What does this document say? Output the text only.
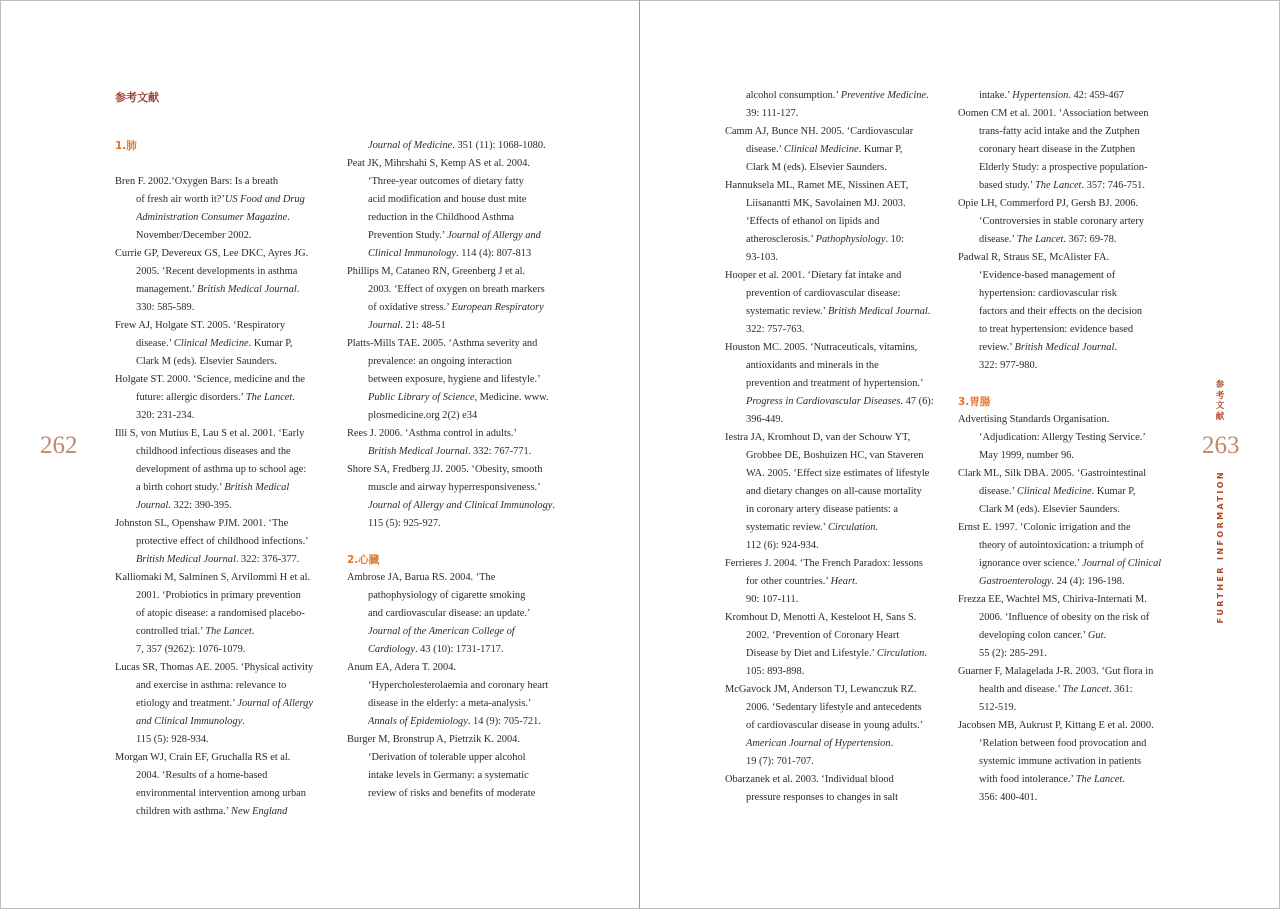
262	263
参
考
文
献
FURTHER INFORMATION
参考文献
1.肺
Bren F. 2002.‘Oxygen Bars: Is a breath
of fresh air worth it?’US Food and Drug
Administration Consumer Magazine.
November/December 2002.
Currie GP, Devereux GS, Lee DKC, Ayres JG.
2005. ‘Recent developments in asthma
management.’ British Medical Journal.
330: 585-589.
Frew AJ, Holgate ST. 2005. ‘Respiratory
disease.’ Clinical Medicine. Kumar P,
Clark M (eds). Elsevier Saunders.
Holgate ST. 2000. ‘Science, medicine and the
future: allergic disorders.’ The Lancet.
320: 231-234.
Illi S, von Mutius E, Lau S et al. 2001. ‘Early
childhood infectious diseases and the
development of asthma up to school age:
a birth cohort study.’ British Medical
Journal. 322: 390-395.
Johnston SL, Openshaw PJM. 2001. ‘The
protective effect of childhood infections.’
British Medical Journal. 322: 376-377.
Kalliomaki M, Salminen S, Arvilommi H et al.
2001. ‘Probiotics in primary prevention
of atopic disease: a randomised placebo-
controlled trial.’ The Lancet.
7, 357 (9262): 1076-1079.
Lucas SR, Thomas AE. 2005. ‘Physical activity
and exercise in asthma: relevance to
etiology and treatment.’ Journal of Allergy
and Clinical Immunology.
115 (5): 928-934.
Morgan WJ, Crain EF, Gruchalla RS et al.
2004. ‘Results of a home-based
environmental intervention among urban
children with asthma.’ New England
Journal of Medicine. 351 (11): 1068-1080.
Peat JK, Mihrshahi S, Kemp AS et al. 2004.
‘Three-year outcomes of dietary fatty
acid modification and house dust mite
reduction in the Childhood Asthma
Prevention Study.’ Journal of Allergy and
Clinical Immunology. 114 (4): 807-813
Phillips M, Cataneo RN, Greenberg J et al.
2003. ‘Effect of oxygen on breath markers
of oxidative stress.’ European Respiratory
Journal. 21: 48-51
Platts-Mills TAE. 2005. ‘Asthma severity and
prevalence: an ongoing interaction
between exposure, hygiene and lifestyle.’
Public Library of Science, Medicine. www.
plosmedicine.org 2(2) e34
Rees J. 2006. ‘Asthma control in adults.’
British Medical Journal. 332: 767-771.
Shore SA, Fredberg JJ. 2005. ‘Obesity, smooth
muscle and airway hyperresponsiveness.’
Journal of Allergy and Clinical Immunology.
115 (5): 925-927.
2.心臓
Ambrose JA, Barua RS. 2004. ‘The
pathophysiology of cigarette smoking
and cardiovascular disease: an update.’
Journal of the American College of
Cardiology. 43 (10): 1731-1717.
Anum EA, Adera T. 2004.
‘Hypercholesterolaemia and coronary heart
disease in the elderly: a meta-analysis.’
Annals of Epidemiology. 14 (9): 705-721.
Burger M, Bronstrup A, Pietrzik K. 2004.
‘Derivation of tolerable upper alcohol
intake levels in Germany: a systematic
review of risks and benefits of moderate
alcohol consumption.’ Preventive Medicine.
39: 111-127.
Camm AJ, Bunce NH. 2005. ‘Cardiovascular
disease.’ Clinical Medicine. Kumar P,
Clark M (eds). Elsevier Saunders.
Hannuksela ML, Ramet ME, Nissinen AET,
Liisanantti MK, Savolainen MJ. 2003.
‘Effects of ethanol on lipids and
atherosclerosis.’ Pathophysiology. 10:
93-103.
Hooper et al. 2001. ‘Dietary fat intake and
prevention of cardiovascular disease:
systematic review.’ British Medical Journal.
322: 757-763.
Houston MC. 2005. ‘Nutraceuticals, vitamins,
antioxidants and minerals in the
prevention and treatment of hypertension.’
Progress in Cardiovascular Diseases. 47 (6):
396-449.
Iestra JA, Kromhout D, van der Schouw YT,
Grobbee DE, Boshuizen HC, van Staveren
WA. 2005. ‘Effect size estimates of lifestyle
and dietary changes on all-cause mortality
in coronary artery disease patients: a
systematic review.’ Circulation.
112 (6): 924-934.
Ferrieres J. 2004. ‘The French Paradox: lessons
for other countries.’ Heart.
90: 107-111.
Kromhout D, Menotti A, Kesteloot H, Sans S.
2002. ‘Prevention of Coronary Heart
Disease by Diet and Lifestyle.’ Circulation.
105: 893-898.
McGavock JM, Anderson TJ, Lewanczuk RZ.
2006. ‘Sedentary lifestyle and antecedents
of cardiovascular disease in young adults.’
American Journal of Hypertension.
19 (7): 701-707.
Obarzanek et al. 2003. ‘Individual blood
pressure responses to changes in salt
intake.’ Hypertension. 42: 459-467
Oomen CM et al. 2001. ‘Association between
trans-fatty acid intake and the Zutphen
coronary heart disease in the Zutphen
Elderly Study: a prospective population-
based study.’ The Lancet. 357: 746-751.
Opie LH, Commerford PJ, Gersh BJ. 2006.
‘Controversies in stable coronary artery
disease.’ The Lancet. 367: 69-78.
Padwal R, Straus SE, McAlister FA.
‘Evidence-based management of
hypertension: cardiovascular risk
factors and their effects on the decision
to treat hypertension: evidence based
review.’ British Medical Journal.
322: 977-980.
3.胃腸
Advertising Standards Organisation.
‘Adjudication: Allergy Testing Service.’
May 1999, number 96.
Clark ML, Silk DBA. 2005. ‘Gastrointestinal
disease.’ Clinical Medicine. Kumar P,
Clark M (eds). Elsevier Saunders.
Ernst E. 1997. ‘Colonic irrigation and the
theory of autointoxication: a triumph of
ignorance over science.’ Journal of Clinical
Gastroenterology. 24 (4): 196-198.
Frezza EE, Wachtel MS, Chiriva-Internati M.
2006. ‘Influence of obesity on the risk of
developing colon cancer.’ Gut.
55 (2): 285-291.
Guarner F, Malagelada J-R. 2003. ‘Gut flora in
health and disease.’ The Lancet. 361:
512-519.
Jacobsen MB, Aukrust P, Kittang E et al. 2000.
‘Relation between food provocation and
systemic immune activation in patients
with food intolerance.’ The Lancet.
356: 400-401.
